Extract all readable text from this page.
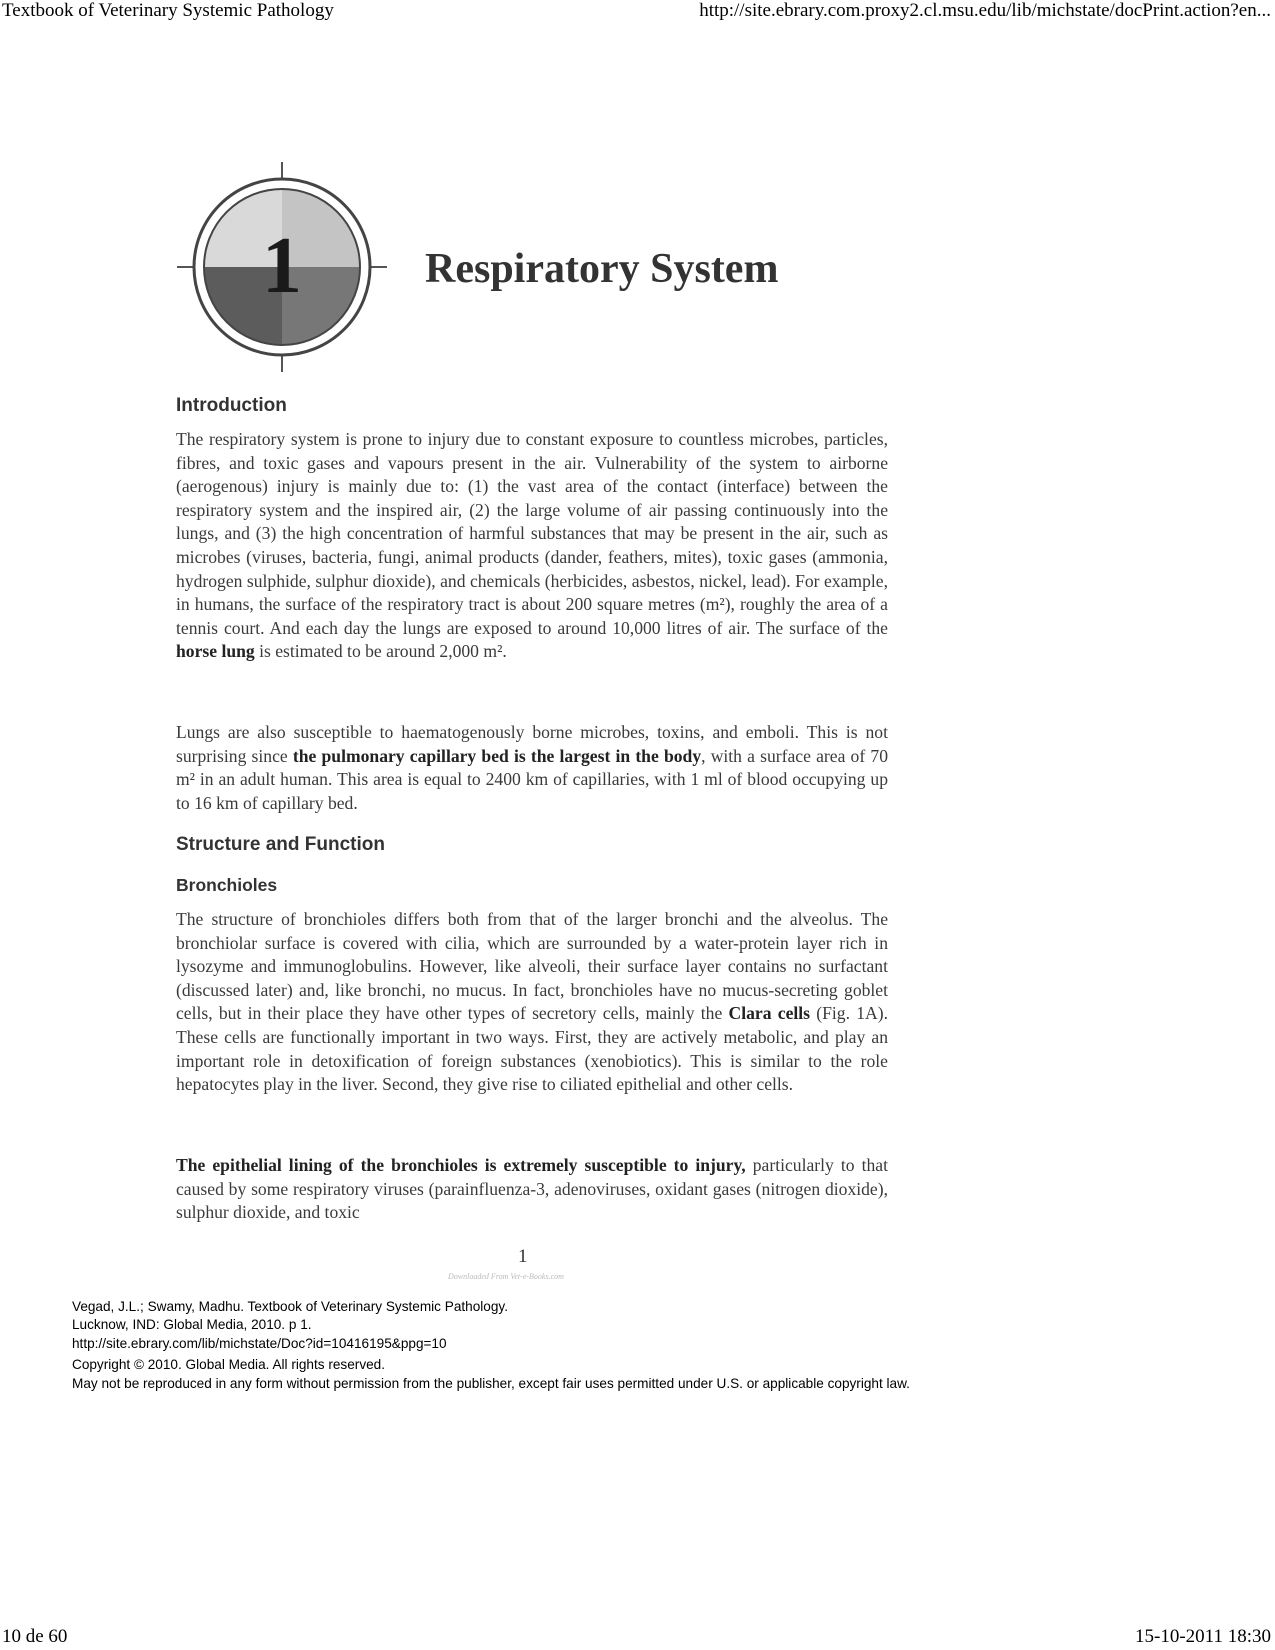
Textbook of Veterinary Systemic Pathology	http://site.ebrary.com.proxy2.cl.msu.edu/lib/michstate/docPrint.action?en...
1	Respiratory System
Introduction

The respiratory system is prone to injury due to constant exposure to countless microbes, particles, fibres, and toxic gases and vapours present in the air. Vulnerability of the system to airborne (aerogenous) injury is mainly due to: (1) the vast area of the contact (interface) between the respiratory system and the inspired air, (2) the large volume of air passing continuously into the lungs, and (3) the high concentration of harmful substances that may be present in the air, such as microbes (viruses, bacteria, fungi, animal products (dander, feathers, mites), toxic gases (ammonia, hydrogen sulphide, sulphur dioxide), and chemicals (herbicides, asbestos, nickel, lead). For example, in humans, the surface of the respiratory tract is about 200 square metres (m²), roughly the area of a tennis court. And each day the lungs are exposed to around 10,000 litres of air. The surface of the horse lung is estimated to be around 2,000 m².

Lungs are also susceptible to haematogenously borne microbes, toxins, and emboli. This is not surprising since the pulmonary capillary bed is the largest in the body, with a surface area of 70 m² in an adult human. This area is equal to 2400 km of capillaries, with 1 ml of blood occupying up to 16 km of capillary bed.

Structure and Function
Bronchioles

The structure of bronchioles differs both from that of the larger bronchi and the alveolus. The bronchiolar surface is covered with cilia, which are surrounded by a water-protein layer rich in lysozyme and immunoglobulins. However, like alveoli, their surface layer contains no surfactant (discussed later) and, like bronchi, no mucus. In fact, bronchioles have no mucus-secreting goblet cells, but in their place they have other types of secretory cells, mainly the Clara cells (Fig. 1A). These cells are functionally important in two ways. First, they are actively metabolic, and play an important role in detoxification of foreign substances (xenobiotics). This is similar to the role hepatocytes play in the liver. Second, they give rise to ciliated epithelial and other cells.

The epithelial lining of the bronchioles is extremely susceptible to injury, particularly to that caused by some respiratory viruses (parainfluenza-3, adenoviruses, oxidant gases (nitrogen dioxide), sulphur dioxide, and toxic

1
Downloaded From Vet-e-Books.com
Vegad, J.L.; Swamy, Madhu. Textbook of Veterinary Systemic Pathology.
Lucknow, IND: Global Media, 2010. p 1.
http://site.ebrary.com/lib/michstate/Doc?id=10416195&ppg=10
Copyright © 2010. Global Media. All rights reserved.
May not be reproduced in any form without permission from the publisher, except fair uses permitted under U.S. or applicable copyright law.
10 de 60	15-10-2011 18:30
